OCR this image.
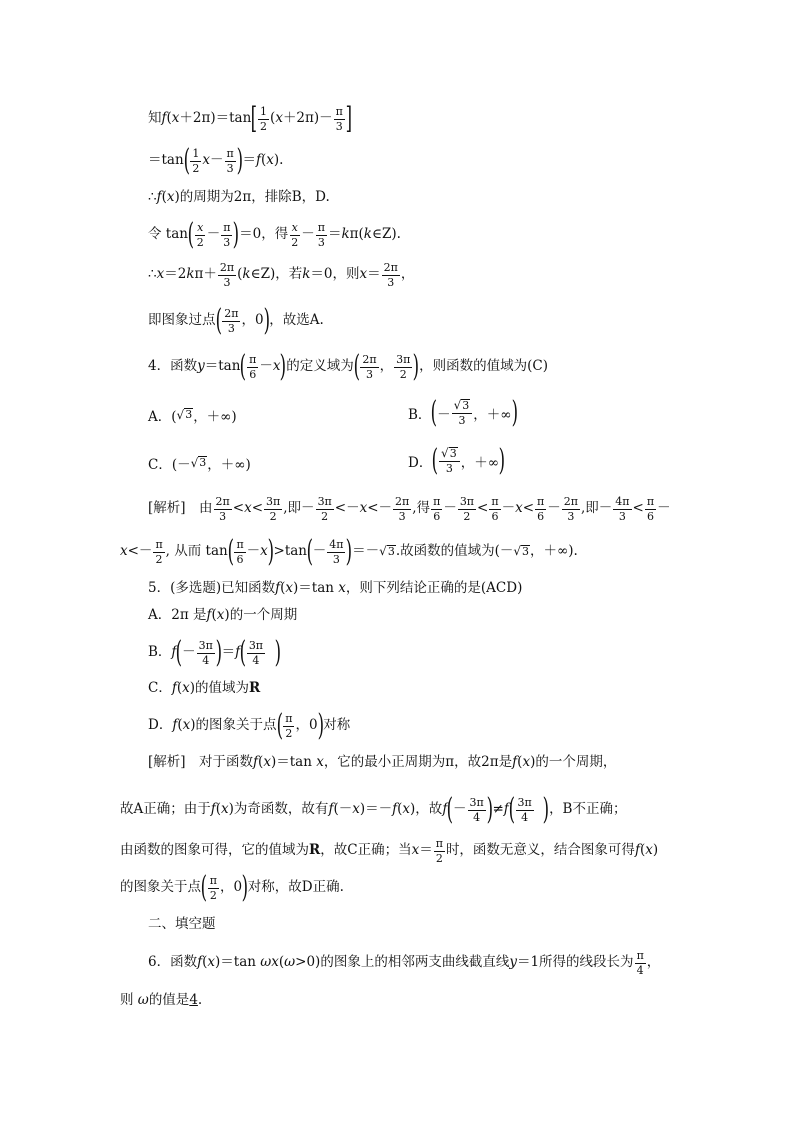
知 f ( x ＋2π)＝tan [ $\frac{1}{2}$ ( $x +2\pi)- \frac{\pi}{3}$ ]
＝tan ( $\frac{1}{2}$ $x - \frac{\pi}{3}$ ) ＝ f ( x ).
∴ f ( x )的周期为2π，排除B，D.
令 tan ( $\frac{x}{2} - \frac{\pi}{3}$ ) ＝0，得 $\frac{x}{2} - \frac{\pi}{3} = k$ π( k ∈Z).
∴ x ＝2 k $\pi+ \frac{2\pi}{3}$ ( k ∈Z)，若 k ＝0，则 $x = \frac{2\pi}{3}$ ，
即图象过点 ( $\frac{2\pi}{3}$ ，0 ) ，故选A.
4．函数 y ＝tan ( $\frac{\pi}{6} - x$ ) 的定义域为 ( $\frac{2\pi}{3}$ ， $\frac{3\pi}{2}$ ) ，则函数的值域为( C )
A．( √ 3 ，＋∞)	B． ( － $\frac{√ 3}{3}$ ，＋∞ )
C．(－ √ 3 ，＋∞)	D． ( $\frac{√ 3}{3}$ ，＋∞ )
[解析]　由 $\frac{2\pi}{3} < x < \frac{3\pi}{2}$ ,即－ $\frac{3\pi}{2} <- x <- \frac{2\pi}{3}$ ,得 $\frac{\pi}{6} - \frac{3\pi}{2} < \frac{\pi}{6} - x < \frac{\pi}{6} - \frac{2\pi}{3}$ ,即－ $\frac{4\pi}{3} < \frac{\pi}{6}$ －
$x <- \frac{\pi}{2}$ , 从而 tan ( $\frac{\pi}{6} - x$ ) >tan ( － $\frac{4\pi}{3}$ ) ＝－ √ 3 .故函数的值域为(－ √ 3 ，＋∞).
5．(多选题)已知函数 f ( x )＝tan
x ，则下列结论正确的是( ACD )
A．2π 是 f ( x )的一个周期
B． f ( － $\frac{3\pi}{4}$ ) ＝ f ( $\frac{3\pi}{4}$
)
C． f ( x )的值域为 R
D． f ( x )的图象关于点 ( $\frac{\pi}{2}$ ，0 ) 对称
[解析]　对于函数 f ( x )＝tan
x ，它的最小正周期为π，故2π是 f ( x )的一个周期，
故A正确；由于 f ( x )为奇函数，故有 f (－ x )＝－ f ( x )，故 f ( － $\frac{3\pi}{4}$ ) ≠ f ( $\frac{3\pi}{4}$
) ，B不正确；
由函数的图象可得，它的值域为 R ，故C正确；当 $x = \frac{\pi}{2}$ 时，函数无意义，结合图象可得 f ( x )
的图象关于点 ( $\frac{\pi}{2}$ ，0 ) 对称，故D正确.
二、填空题
6．函数 f ( x )＝tan
ωx ( ω >0)的图象上的相邻两支曲线截直线 y ＝1所得的线段长为 $\frac{\pi}{4}$ ，
则
ω 的值是 4 .
